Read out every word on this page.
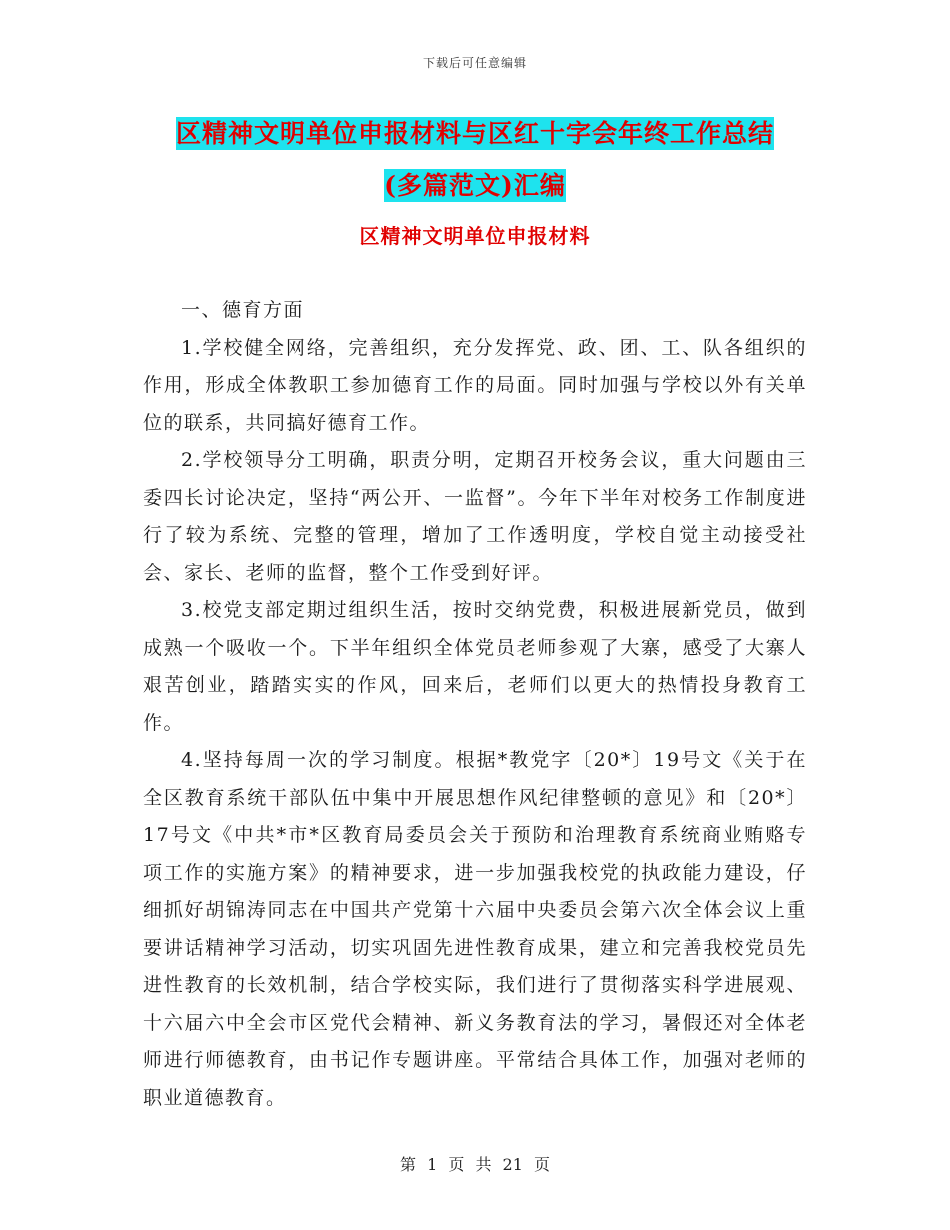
下载后可任意编辑
区精神文明单位申报材料与区红十字会年终工作总结
(多篇范文)汇编
区精神文明单位申报材料

一、德育方面

1.学校健全网络，完善组织，充分发挥党、政、团、工、队各组织的作用，形成全体教职工参加德育工作的局面。同时加强与学校以外有关单位的联系，共同搞好德育工作。

2.学校领导分工明确，职责分明，定期召开校务会议，重大问题由三委四长讨论决定，坚持“两公开、一监督”。今年下半年对校务工作制度进行了较为系统、完整的管理，增加了工作透明度，学校自觉主动接受社会、家长、老师的监督，整个工作受到好评。

3.校党支部定期过组织生活，按时交纳党费，积极进展新党员，做到成熟一个吸收一个。下半年组织全体党员老师参观了大寨，感受了大寨人艰苦创业，踏踏实实的作风，回来后，老师们以更大的热情投身教育工作。

4.坚持每周一次的学习制度。根据*教党字〔20*〕19号文《关于在全区教育系统干部队伍中集中开展思想作风纪律整顿的意见》和〔20*〕17号文《中共*市*区教育局委员会关于预防和治理教育系统商业贿赂专项工作的实施方案》的精神要求，进一步加强我校党的执政能力建设，仔细抓好胡锦涛同志在中国共产党第十六届中央委员会第六次全体会议上重要讲话精神学习活动，切实巩固先进性教育成果，建立和完善我校党员先进性教育的长效机制，结合学校实际，我们进行了贯彻落实科学进展观、十六届六中全会市区党代会精神、新义务教育法的学习，暑假还对全体老师进行师德教育，由书记作专题讲座。平常结合具体工作，加强对老师的职业道德教育。

第 1 页 共 21 页
